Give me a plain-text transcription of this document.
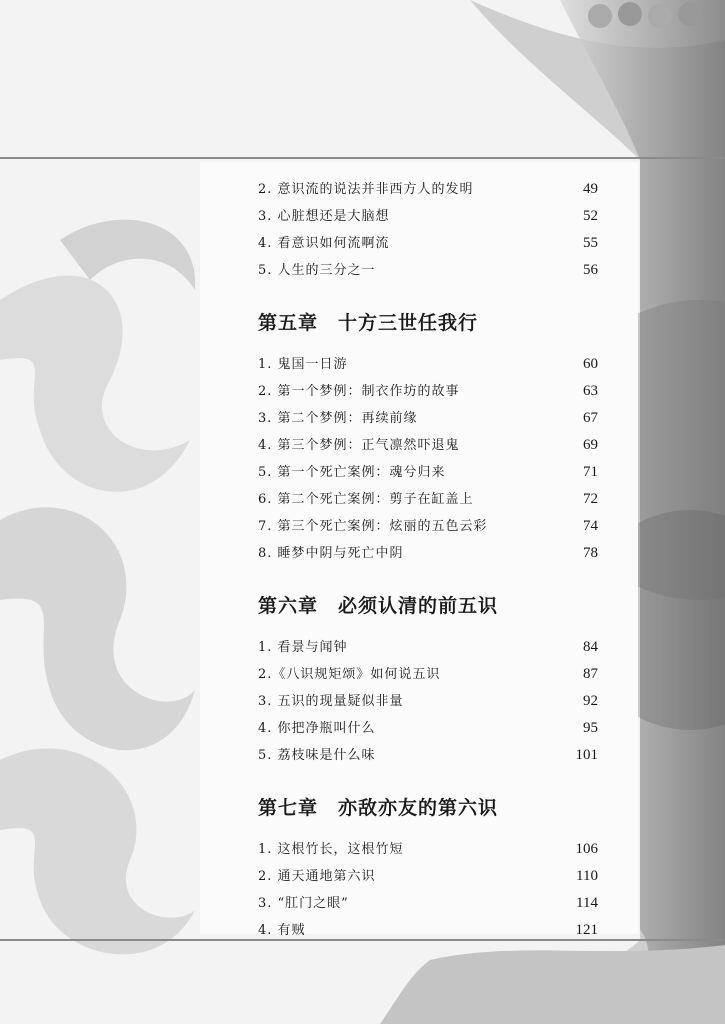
2. 意识流的说法并非西方人的发明	49
3. 心脏想还是大脑想	52
4. 看意识如何流啊流	55
5. 人生的三分之一	56
第五章　十方三世任我行
1. 鬼国一日游	60
2. 第一个梦例：制衣作坊的故事	63
3. 第二个梦例：再续前缘	67
4. 第三个梦例：正气凛然吓退鬼	69
5. 第一个死亡案例：魂兮归来	71
6. 第二个死亡案例：剪子在缸盖上	72
7. 第三个死亡案例：炫丽的五色云彩	74
8. 睡梦中阴与死亡中阴	78
第六章　必须认清的前五识
1. 看景与闻钟	84
2.《八识规矩颂》如何说五识	87
3. 五识的现量疑似非量	92
4. 你把净瓶叫什么	95
5. 荔枝味是什么味	101
第七章　亦敌亦友的第六识
1. 这根竹长，这根竹短	106
2. 通天通地第六识	110
3. “肛门之眼”	114
4. 有贼	121
